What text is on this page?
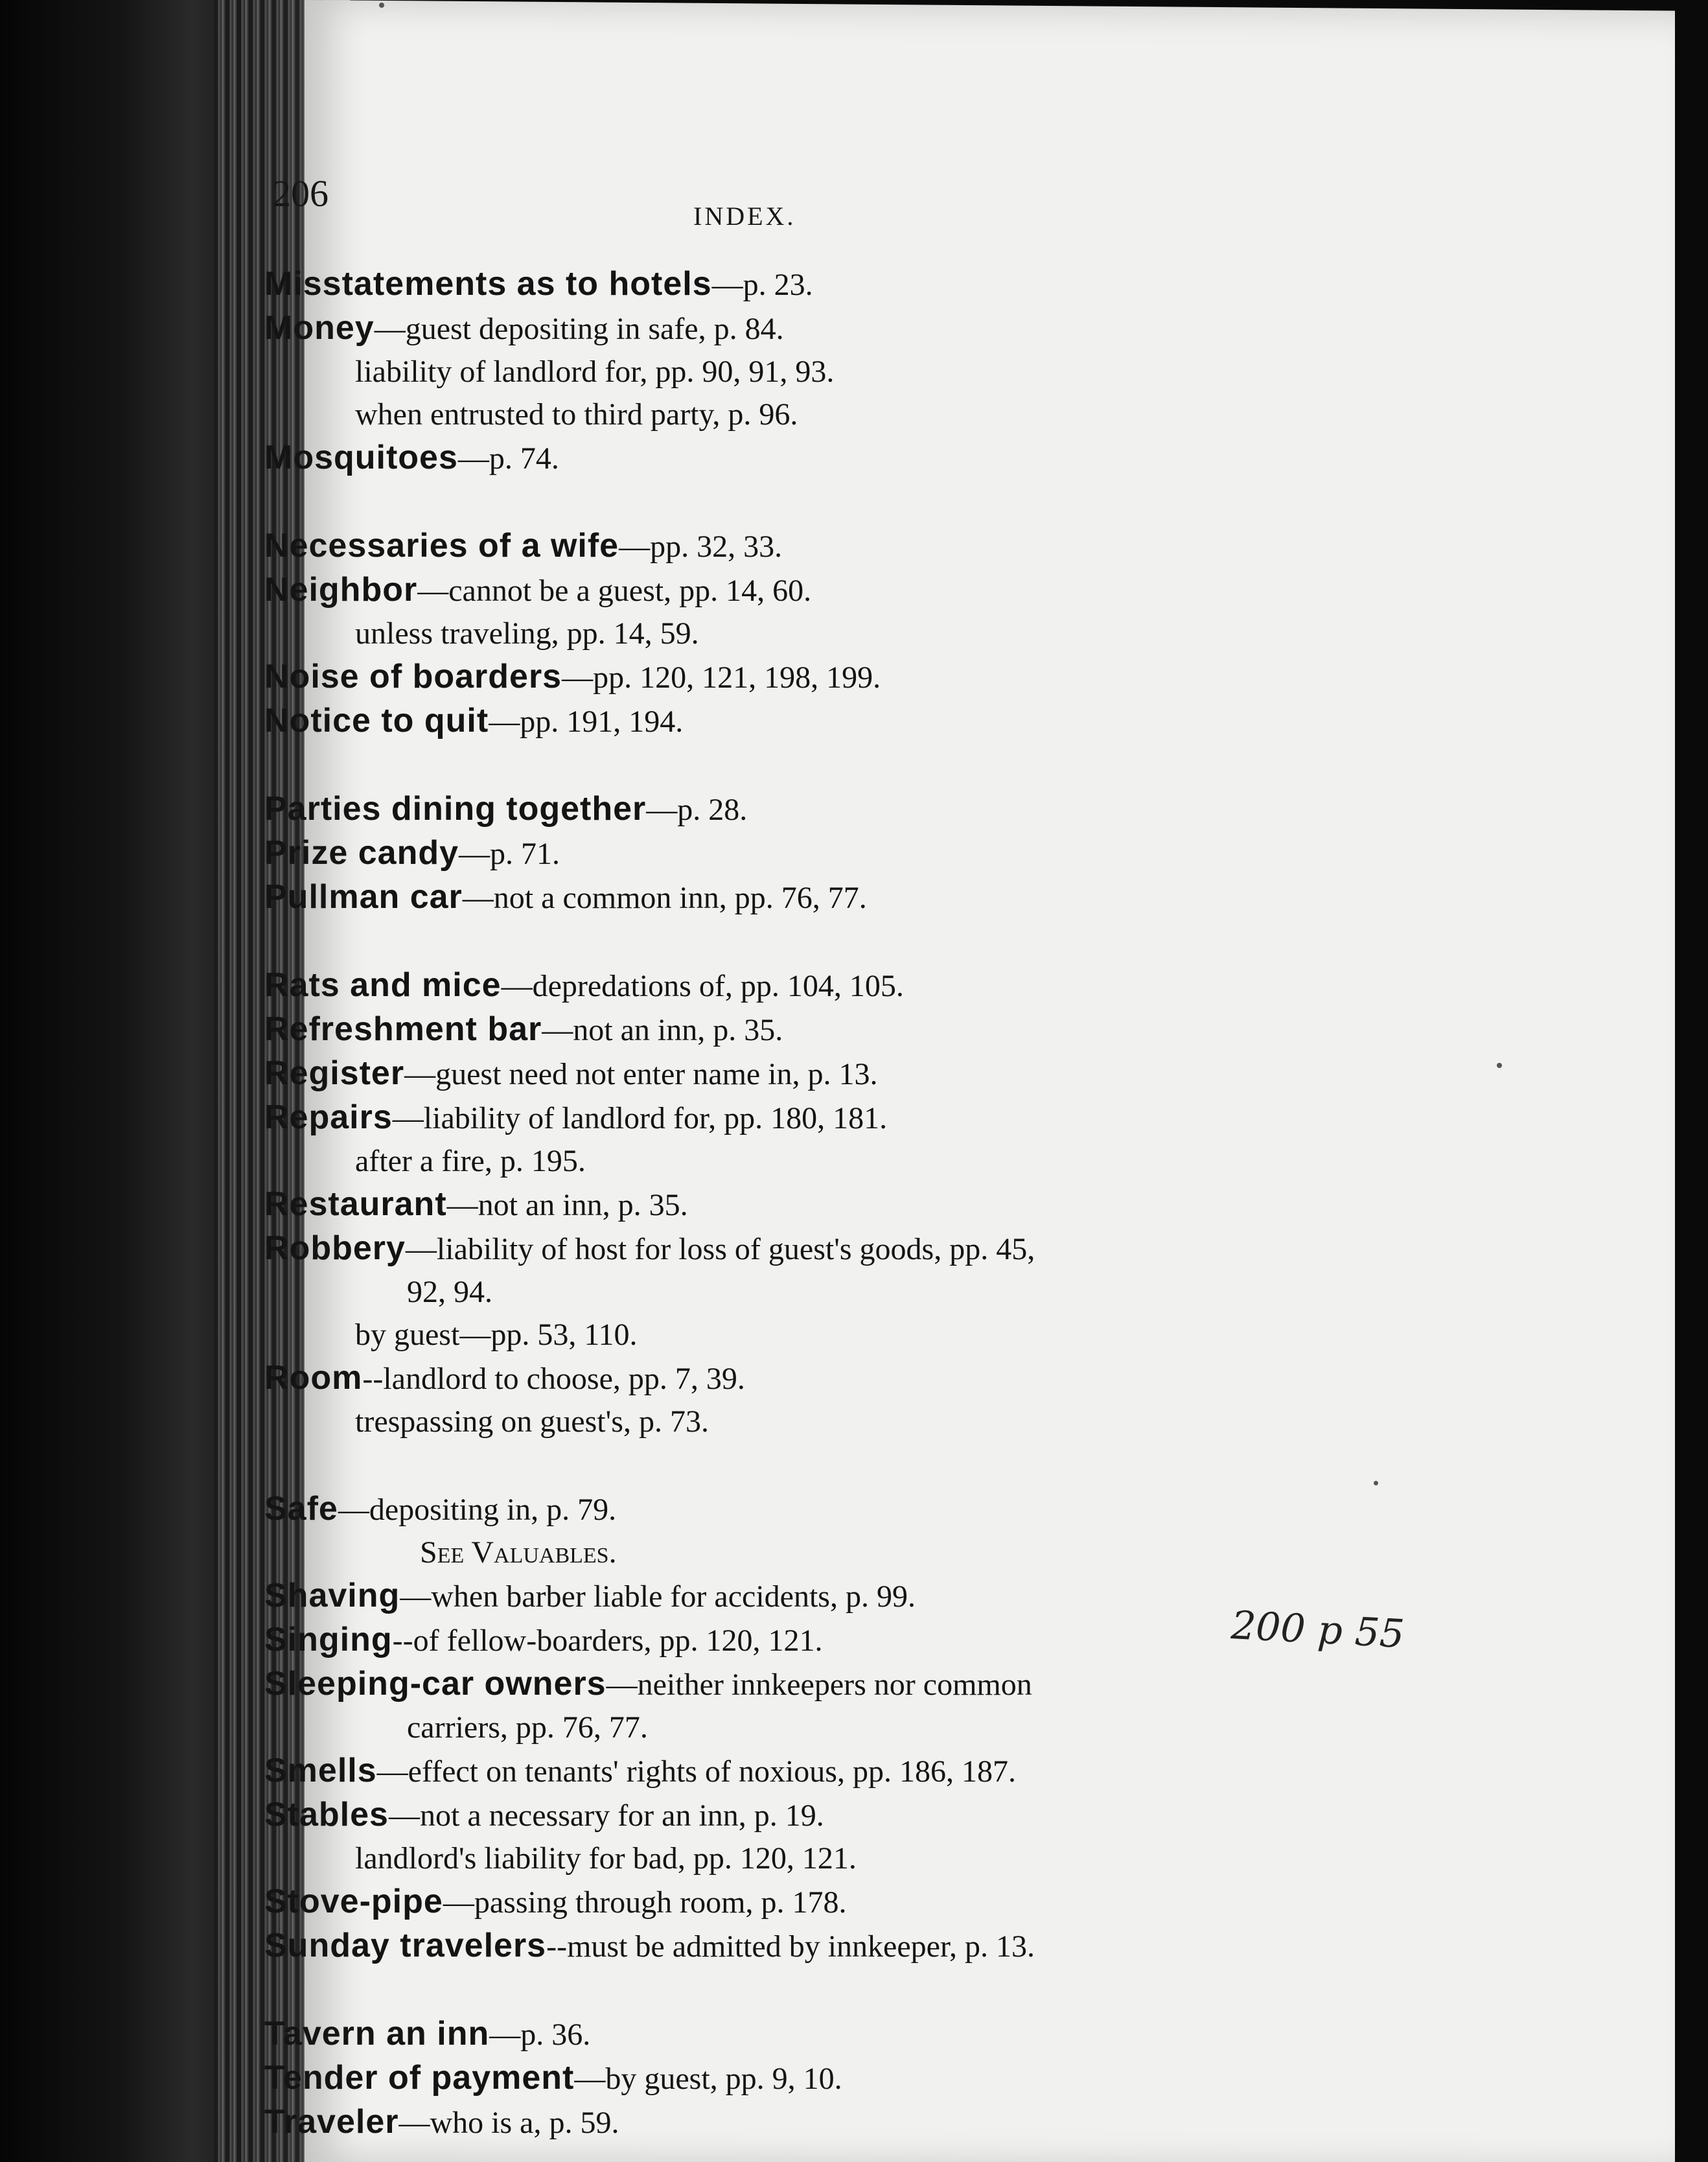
206
INDEX.
Misstatements as to hotels—p. 23.
Money—guest depositing in safe, p. 84.
liability of landlord for, pp. 90, 91, 93.
when entrusted to third party, p. 96.
Mosquitoes—p. 74.
Necessaries of a wife—pp. 32, 33.
Neighbor—cannot be a guest, pp. 14, 60.
unless traveling, pp. 14, 59.
Noise of boarders—pp. 120, 121, 198, 199.
Notice to quit—pp. 191, 194.
Parties dining together—p. 28.
Prize candy—p. 71.
Pullman car—not a common inn, pp. 76, 77.
Rats and mice—depredations of, pp. 104, 105.
Refreshment bar—not an inn, p. 35.
Register—guest need not enter name in, p. 13.
Repairs—liability of landlord for, pp. 180, 181.
after a fire, p. 195.
Restaurant—not an inn, p. 35.
Robbery—liability of host for loss of guest's goods, pp. 45,
92, 94.
by guest—pp. 53, 110.
Room--landlord to choose, pp. 7, 39.
trespassing on guest's, p. 73.
Safe—depositing in, p. 79.
See Valuables.
Shaving—when barber liable for accidents, p. 99.
Singing--of fellow-boarders, pp. 120, 121.
Sleeping-car owners—neither innkeepers nor common
carriers, pp. 76, 77.
Smells—effect on tenants' rights of noxious, pp. 186, 187.
Stables—not a necessary for an inn, p. 19.
landlord's liability for bad, pp. 120, 121.
Stove-pipe—passing through room, p. 178.
Sunday travelers--must be admitted by innkeeper, p. 13.
Tavern an inn—p. 36.
Tender of payment—by guest, pp. 9, 10.
Traveler—who is a, p. 59.
200 p 55
